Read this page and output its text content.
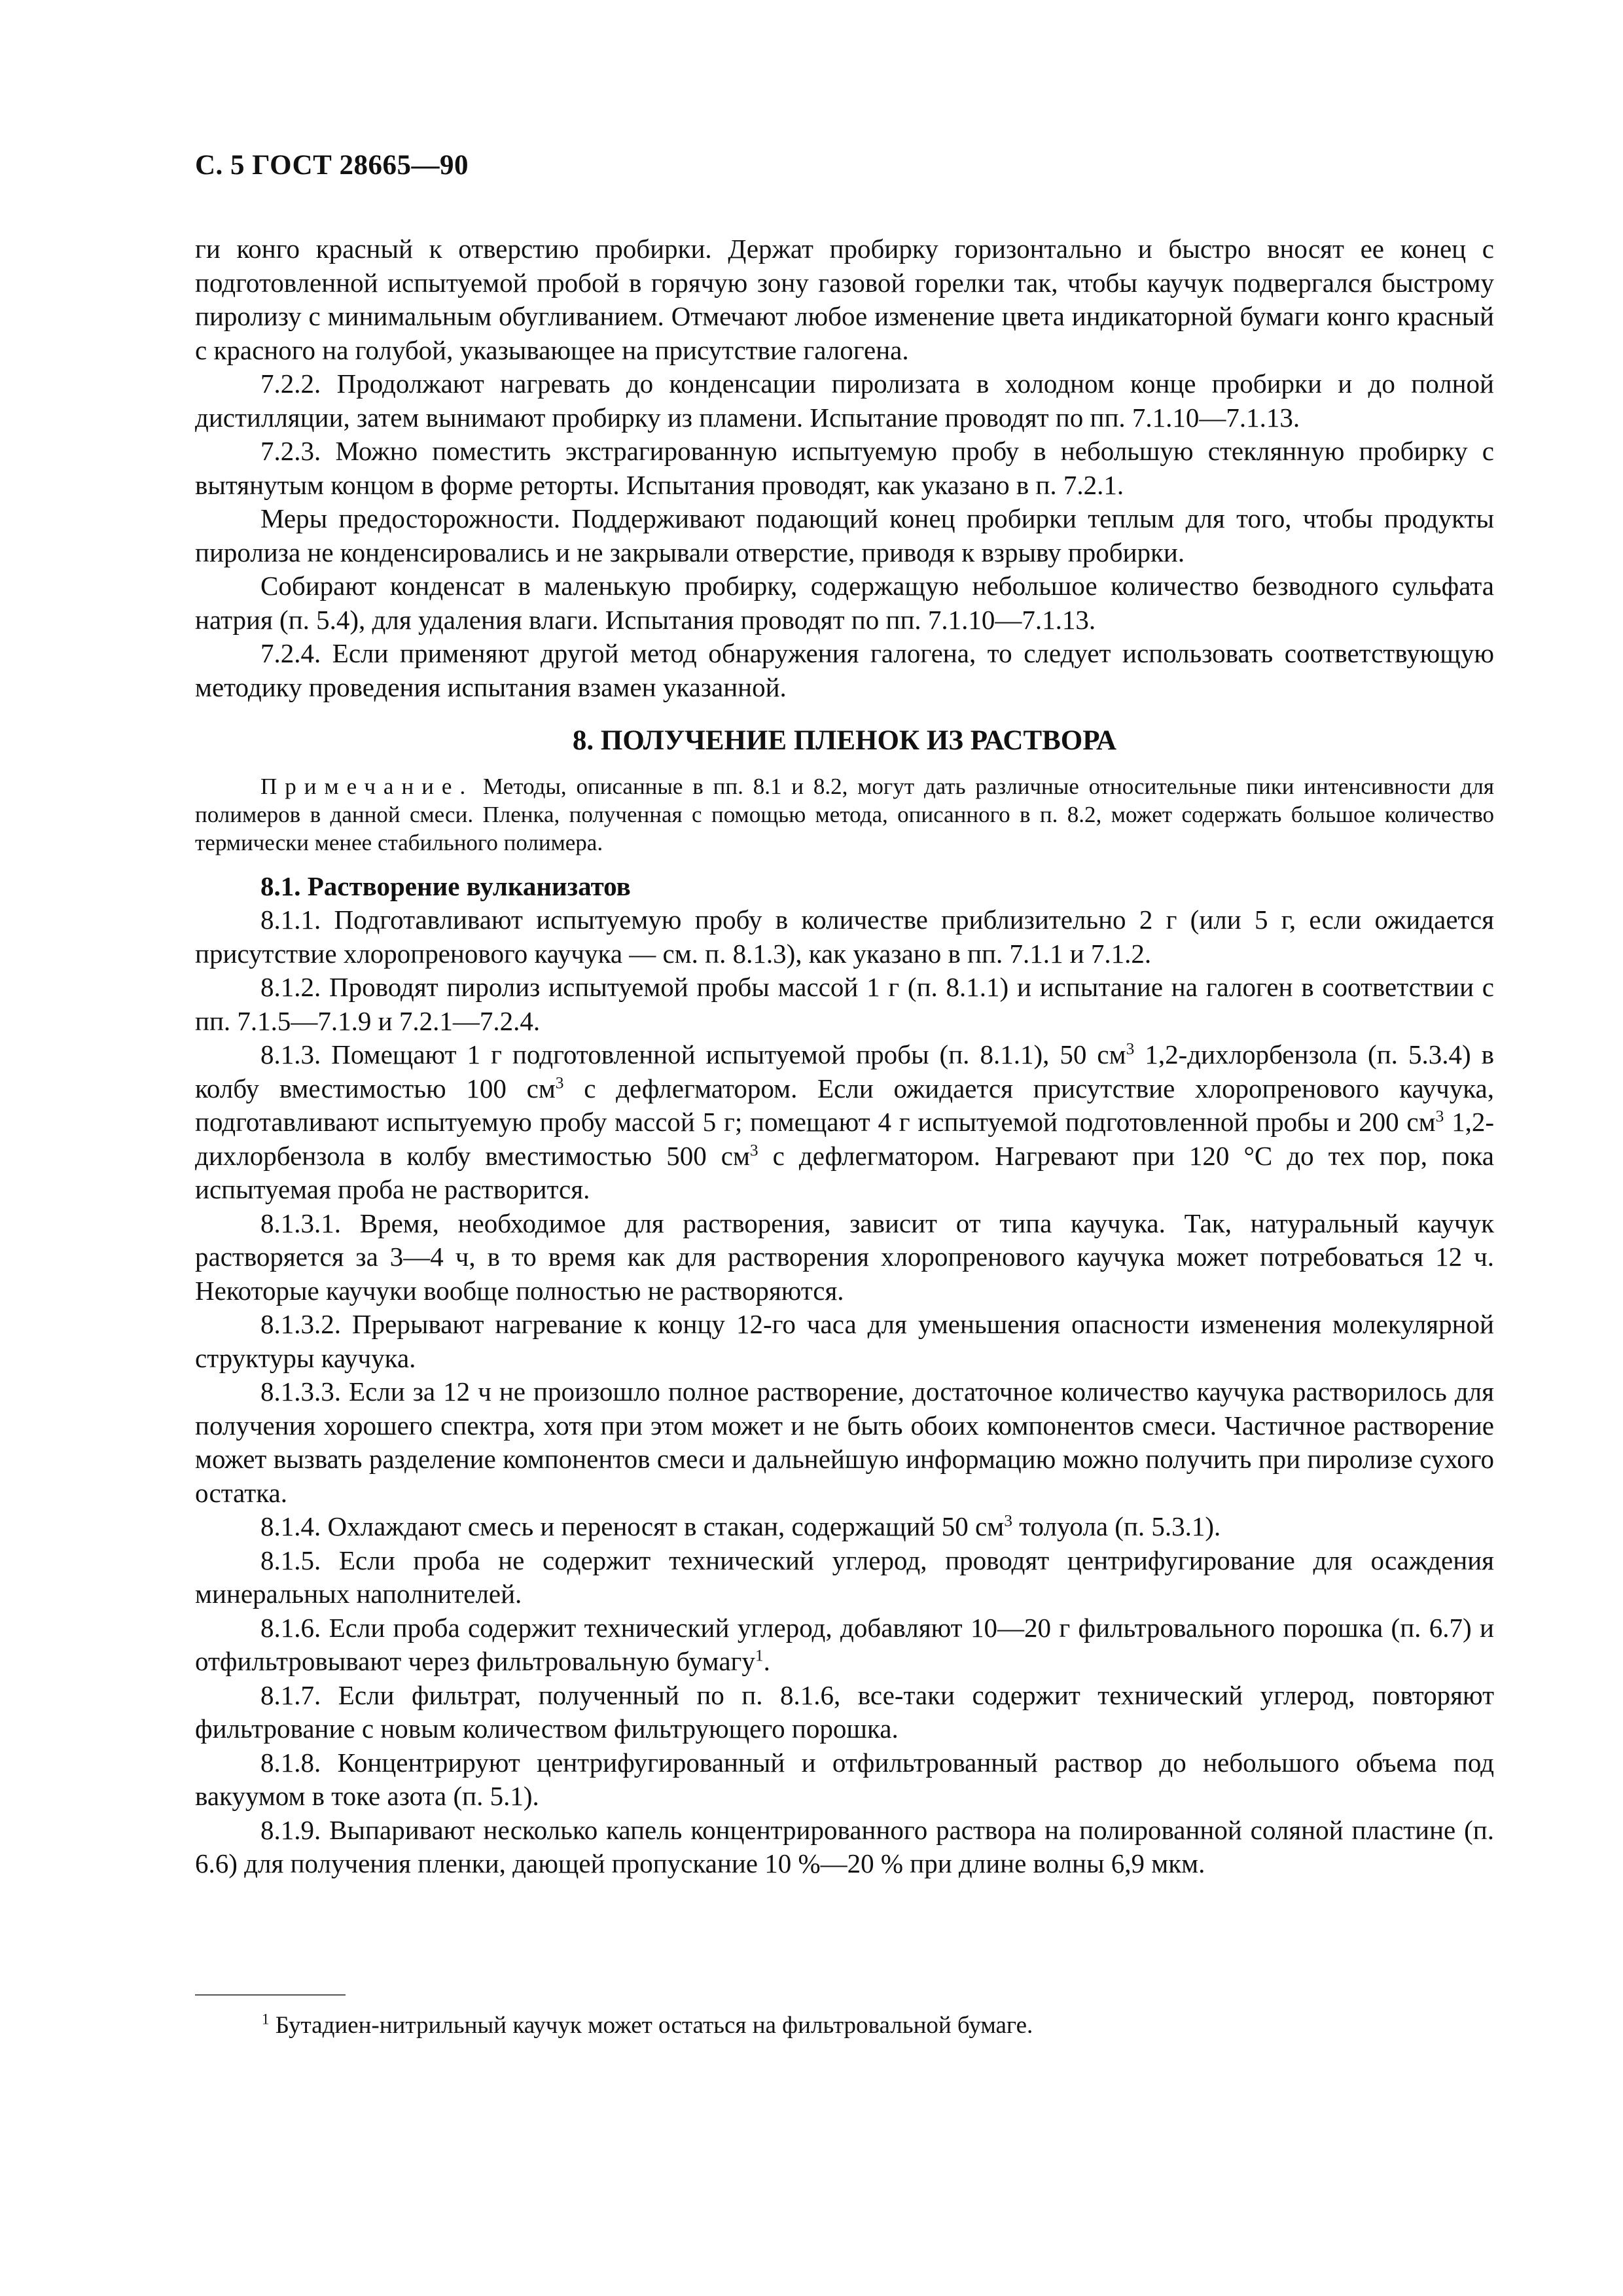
С. 5 ГОСТ 28665—90

ги конго красный к отверстию пробирки. Держат пробирку горизонтально и быстро вносят ее конец с подготовленной испытуемой пробой в горячую зону газовой горелки так, чтобы каучук подвергался быстрому пиролизу с минимальным обугливанием. Отмечают любое изменение цвета индикаторной бумаги конго красный с красного на голубой, указывающее на присутствие галогена.

7.2.2. Продолжают нагревать до конденсации пиролизата в холодном конце пробирки и до полной дистилляции, затем вынимают пробирку из пламени. Испытание проводят по пп. 7.1.10—7.1.13.

7.2.3. Можно поместить экстрагированную испытуемую пробу в небольшую стеклянную пробирку с вытянутым концом в форме реторты. Испытания проводят, как указано в п. 7.2.1.

Меры предосторожности. Поддерживают подающий конец пробирки теплым для того, чтобы продукты пиролиза не конденсировались и не закрывали отверстие, приводя к взрыву пробирки.

Собирают конденсат в маленькую пробирку, содержащую небольшое количество безводного сульфата натрия (п. 5.4), для удаления влаги. Испытания проводят по пп. 7.1.10—7.1.13.

7.2.4. Если применяют другой метод обнаружения галогена, то следует использовать соответствующую методику проведения испытания взамен указанной.

8. ПОЛУЧЕНИЕ ПЛЕНОК ИЗ РАСТВОРА

Примечание. Методы, описанные в пп. 8.1 и 8.2, могут дать различные относительные пики интенсивности для полимеров в данной смеси. Пленка, полученная с помощью метода, описанного в п. 8.2, может содержать большое количество термически менее стабильного полимера.

8.1. Растворение вулканизатов

8.1.1. Подготавливают испытуемую пробу в количестве приблизительно 2 г (или 5 г, если ожидается присутствие хлоропренового каучука — см. п. 8.1.3), как указано в пп. 7.1.1 и 7.1.2.

8.1.2. Проводят пиролиз испытуемой пробы массой 1 г (п. 8.1.1) и испытание на галоген в соответствии с пп. 7.1.5—7.1.9 и 7.2.1—7.2.4.

8.1.3. Помещают 1 г подготовленной испытуемой пробы (п. 8.1.1), 50 $см^3$ 1,2-дихлорбензола (п. 5.3.4) в колбу вместимостью 100 $см^3$ с дефлегматором. Если ожидается присутствие хлоропренового каучука, подготавливают испытуемую пробу массой 5 г; помещают 4 г испытуемой подготовленной пробы и 200 $см^3$ 1,2-дихлорбензола в колбу вместимостью 500 $см^3$ с дефлегматором. Нагревают при 120 °С до тех пор, пока испытуемая проба не растворится.

8.1.3.1. Время, необходимое для растворения, зависит от типа каучука. Так, натуральный каучук растворяется за 3—4 ч, в то время как для растворения хлоропренового каучука может потребоваться 12 ч. Некоторые каучуки вообще полностью не растворяются.

8.1.3.2. Прерывают нагревание к концу 12-го часа для уменьшения опасности изменения молекулярной структуры каучука.

8.1.3.3. Если за 12 ч не произошло полное растворение, достаточное количество каучука растворилось для получения хорошего спектра, хотя при этом может и не быть обоих компонентов смеси. Частичное растворение может вызвать разделение компонентов смеси и дальнейшую информацию можно получить при пиролизе сухого остатка.

8.1.4. Охлаждают смесь и переносят в стакан, содержащий 50 $см^3$ толуола (п. 5.3.1).

8.1.5. Если проба не содержит технический углерод, проводят центрифугирование для осаждения минеральных наполнителей.

8.1.6. Если проба содержит технический углерод, добавляют 10—20 г фильтровального порошка (п. 6.7) и отфильтровывают через фильтровальную бумагу$^1$.

8.1.7. Если фильтрат, полученный по п. 8.1.6, все-таки содержит технический углерод, повторяют фильтрование с новым количеством фильтрующего порошка.

8.1.8. Концентрируют центрифугированный и отфильтрованный раствор до небольшого объема под вакуумом в токе азота (п. 5.1).

8.1.9. Выпаривают несколько капель концентрированного раствора на полированной соляной пластине (п. 6.6) для получения пленки, дающей пропускание 10 %—20 % при длине волны 6,9 мкм.

$^1$ Бутадиен-нитрильный каучук может остаться на фильтровальной бумаге.
